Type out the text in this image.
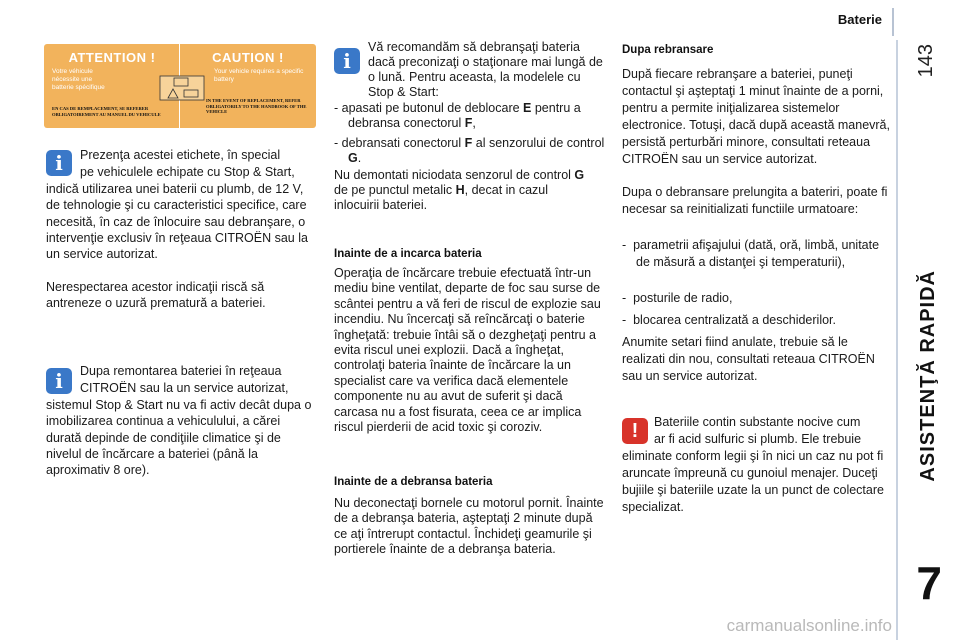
Baterie
143
ASISTENŢĂ RAPIDĂ
7
carmanualsonline.info
ATTENTION !
Votre véhicule nécessite une batterie spécifique
EN CAS DE REMPLACEMENT, SE REFERER OBLIGATOIREMENT AU MANUEL DU VEHICULE
CAUTION !
Your vehicle requires a specific battery
IN THE EVENT OF REPLACEMENT, REFER OBLIGATORILY TO THE HANDBOOK OF THE VEHICLE
i	Prezenţa acestei etichete, în special
pe vehiculele echipate cu Stop & Start,
indică utilizarea unei baterii cu plumb, de 12 V, de tehnologie şi cu caracteristici specifice, care necesită, în caz de înlocuire sau debranşare, o intervenţie exclusiv în reţeaua CITROËN sau la un service autorizat.
Nerespectarea acestor indicaţii riscă să antreneze o uzură prematură a bateriei.
i	Dupa remontarea bateriei în reţeaua
CITROËN sau la un service autorizat,
sistemul Stop & Start nu va fi activ decât dupa o imobilizarea continua a vehiculului, a cărei durată depinde de condiţiile climatice şi de nivelul de încărcare a bateriei (până la aproximativ 8 ore).
i
Vă recomandăm să debranşaţi bateria dacă preconizaţi o staţionare mai lungă de o lună. Pentru aceasta, la modelele cu Stop & Start:
- apasati pe butonul de deblocare E pentru a debransa conectorul F,
- debransati conectorul F al senzorului de control G.
Nu demontati niciodata senzorul de control G de pe punctul metalic H, decat in cazul inlocuirii bateriei.
Inainte de a incarca bateria
Operaţia de încărcare trebuie efectuată într-un mediu bine ventilat, departe de foc sau surse de scântei pentru a vă feri de riscul de explozie sau incendiu. Nu încercaţi să reîncărcaţi o baterie îngheţată: trebuie întâi să o dezgheţaţi pentru a evita riscul unei explozii. Dacă a îngheţat, controlaţi bateria înainte de încărcare la un specialist care va verifica dacă elementele componente nu au avut de suferit şi dacă carcasa nu a fost fisurata, ceea ce ar implica riscul pierderii de acid toxic şi coroziv.
Inainte de a debransa bateria
Nu deconectaţi bornele cu motorul pornit. Înainte de a debranşa bateria, aşteptaţi 2 minute după ce aţi întrerupt contactul. Închideţi geamurile şi portierele înainte de a debranşa bateria.
Dupa rebransare
După fiecare rebranşare a bateriei, puneţi contactul şi aşteptaţi 1 minut înainte de a porni, pentru a permite iniţializarea sistemelor electronice. Totuşi, dacă după această manevră, persistă perturbări minore, consultati reteaua CITROËN sau un service autorizat.
Dupa o debransare prelungita a bateriri, poate fi necesar sa reinitializati functiile urmatoare:
-  parametrii afişajului (dată, oră, limbă, unitate de măsură a distanţei şi temperaturii),
-  posturile de radio,
-  blocarea centralizată a deschiderilor.
Anumite setari fiind anulate, trebuie să le realizati din nou, consultati reteaua CITROËN sau un service autorizat.
!	Bateriile contin substante nocive cum
ar fi acid sulfuric si plumb. Ele trebuie
eliminate conform legii şi în nici un caz nu pot fi aruncate împreună cu gunoiul menajer. Duceţi bujiile şi bateriile uzate la un punct de colectare specializat.
